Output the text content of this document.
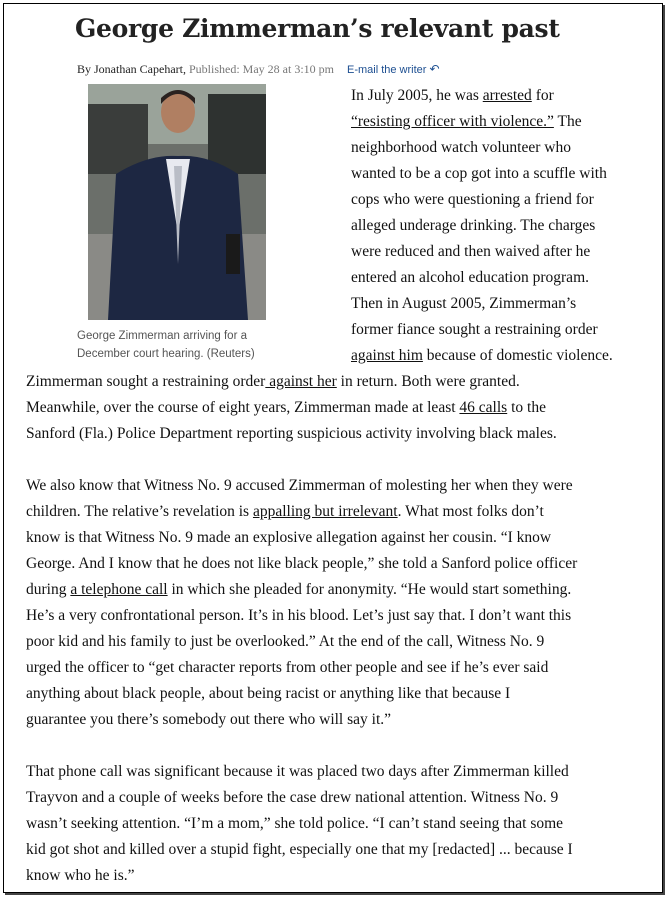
George Zimmerman’s relevant past
By Jonathan Capehart, Published: May 28 at 3:10 pm E-mail the writer ↶
George Zimmerman arriving for a
December court hearing. (Reuters)
In July 2005, he was arrested for
“resisting officer with violence.” The
neighborhood watch volunteer who
wanted to be a cop got into a scuffle with
cops who were questioning a friend for
alleged underage drinking. The charges
were reduced and then waived after he
entered an alcohol education program.
Then in August 2005, Zimmerman’s
former fiance sought a restraining order
against him because of domestic violence.
Zimmerman sought a restraining order against her in return. Both were granted.
Meanwhile, over the course of eight years, Zimmerman made at least 46 calls to the
Sanford (Fla.) Police Department reporting suspicious activity involving black males.
We also know that Witness No. 9 accused Zimmerman of molesting her when they were
children. The relative’s revelation is appalling but irrelevant. What most folks don’t
know is that Witness No. 9 made an explosive allegation against her cousin. “I know
George. And I know that he does not like black people,” she told a Sanford police officer
during a telephone call in which she pleaded for anonymity. “He would start something.
He’s a very confrontational person. It’s in his blood. Let’s just say that. I don’t want this
poor kid and his family to just be overlooked.” At the end of the call, Witness No. 9
urged the officer to “get character reports from other people and see if he’s ever said
anything about black people, about being racist or anything like that because I
guarantee you there’s somebody out there who will say it.”
That phone call was significant because it was placed two days after Zimmerman killed
Trayvon and a couple of weeks before the case drew national attention. Witness No. 9
wasn’t seeking attention. “I’m a mom,” she told police. “I can’t stand seeing that some
kid got shot and killed over a stupid fight, especially one that my [redacted] ... because I
know who he is.”
